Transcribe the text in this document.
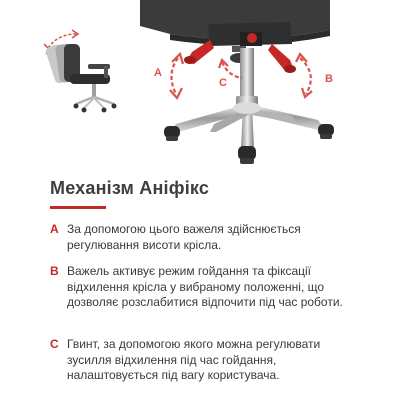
A
C	B
Механізм Аніфікс
A За допомогою цього важеля здійснюється регулювання висоти крісла.
B Важель активує режим гойдання та фіксації відхилення крісла у вибраному положенні, що дозволяє розслабитися відпочити під час роботи.
C Гвинт, за допомогою якого можна регулювати зусилля відхилення під час гойдання, налаштовується під вагу користувача.
